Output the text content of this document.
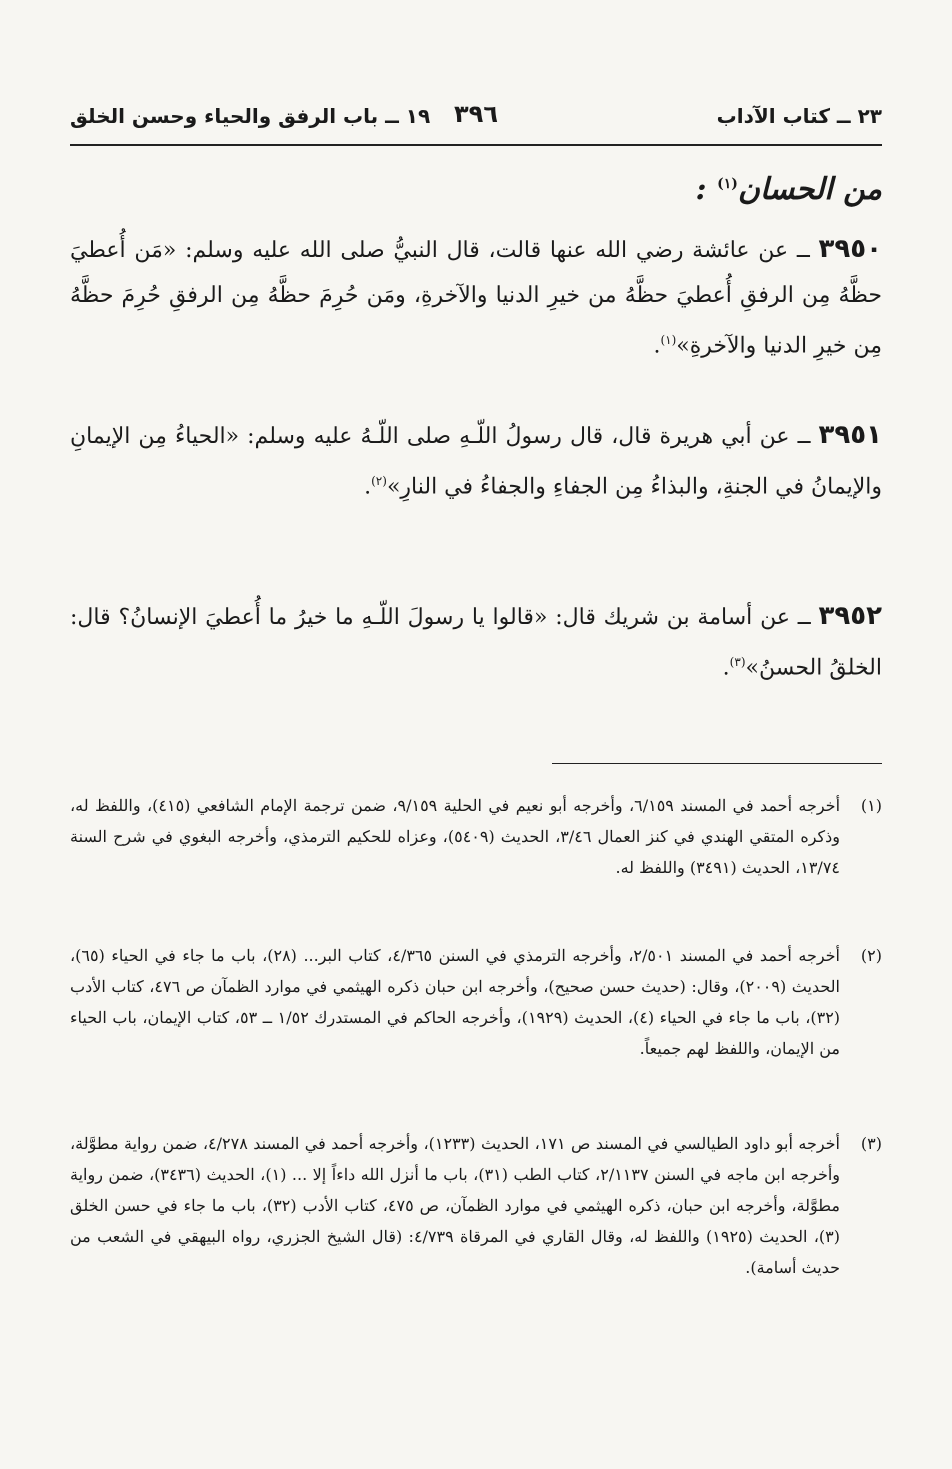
٢٣ ــ كتاب الآداب
٣٩٦
١٩ ــ باب الرفق والحياء وحسن الخلق
من الحسان$^{(١)}$ :
٣٩٥٠ ــ عن عائشة رضي الله عنها قالت، قال النبيُّ صلى الله عليه وسلم: «مَن أُعطيَ حظَّهُ مِن الرفقِ أُعطيَ حظَّهُ من خيرِ الدنيا والآخرةِ، ومَن حُرِمَ حظَّهُ مِن الرفقِ حُرِمَ حظَّهُ مِن خيرِ الدنيا والآخرةِ»$^{(١)}$.
٣٩٥١ ــ عن أبي هريرة قال، قال رسولُ اللّـهِ صلى اللّـهُ عليه وسلم: «الحياءُ مِن الإيمانِ والإيمانُ في الجنةِ، والبذاءُ مِن الجفاءِ والجفاءُ في النارِ»$^{(٢)}$.
٣٩٥٢ ــ عن أسامة بن شريك قال: «قالوا يا رسولَ اللّـهِ ما خيرُ ما أُعطيَ الإنسانُ؟ قال: الخلقُ الحسنُ»$^{(٣)}$.
(١)
أخرجه أحمد في المسند ٦/١٥٩، وأخرجه أبو نعيم في الحلية ٩/١٥٩، ضمن ترجمة الإمام الشافعي (٤١٥)، واللفظ له، وذكره المتقي الهندي في كنز العمال ٣/٤٦، الحديث (٥٤٠٩)، وعزاه للحكيم الترمذي، وأخرجه البغوي في شرح السنة ١٣/٧٤، الحديث (٣٤٩١) واللفظ له.
(٢)
أخرجه أحمد في المسند ٢/٥٠١، وأخرجه الترمذي في السنن ٤/٣٦٥، كتاب البر... (٢٨)، باب ما جاء في الحياء (٦٥)، الحديث (٢٠٠٩)، وقال: (حديث حسن صحيح)، وأخرجه ابن حبان ذكره الهيثمي في موارد الظمآن ص ٤٧٦، كتاب الأدب (٣٢)، باب ما جاء في الحياء (٤)، الحديث (١٩٢٩)، وأخرجه الحاكم في المستدرك ١/٥٢ ــ ٥٣، كتاب الإيمان، باب الحياء من الإيمان، واللفظ لهم جميعاً.
(٣)
أخرجه أبو داود الطيالسي في المسند ص ١٧١، الحديث (١٢٣٣)، وأخرجه أحمد في المسند ٤/٢٧٨، ضمن رواية مطوَّلة، وأخرجه ابن ماجه في السنن ٢/١١٣٧، كتاب الطب (٣١)، باب ما أنزل الله داءاً إلا ... (١)، الحديث (٣٤٣٦)، ضمن رواية مطوَّلة، وأخرجه ابن حبان، ذكره الهيثمي في موارد الظمآن، ص ٤٧٥، كتاب الأدب (٣٢)، باب ما جاء في حسن الخلق (٣)، الحديث (١٩٢٥) واللفظ له، وقال القاري في المرقاة ٤/٧٣٩: (قال الشيخ الجزري، رواه البيهقي في الشعب من حديث أسامة).
